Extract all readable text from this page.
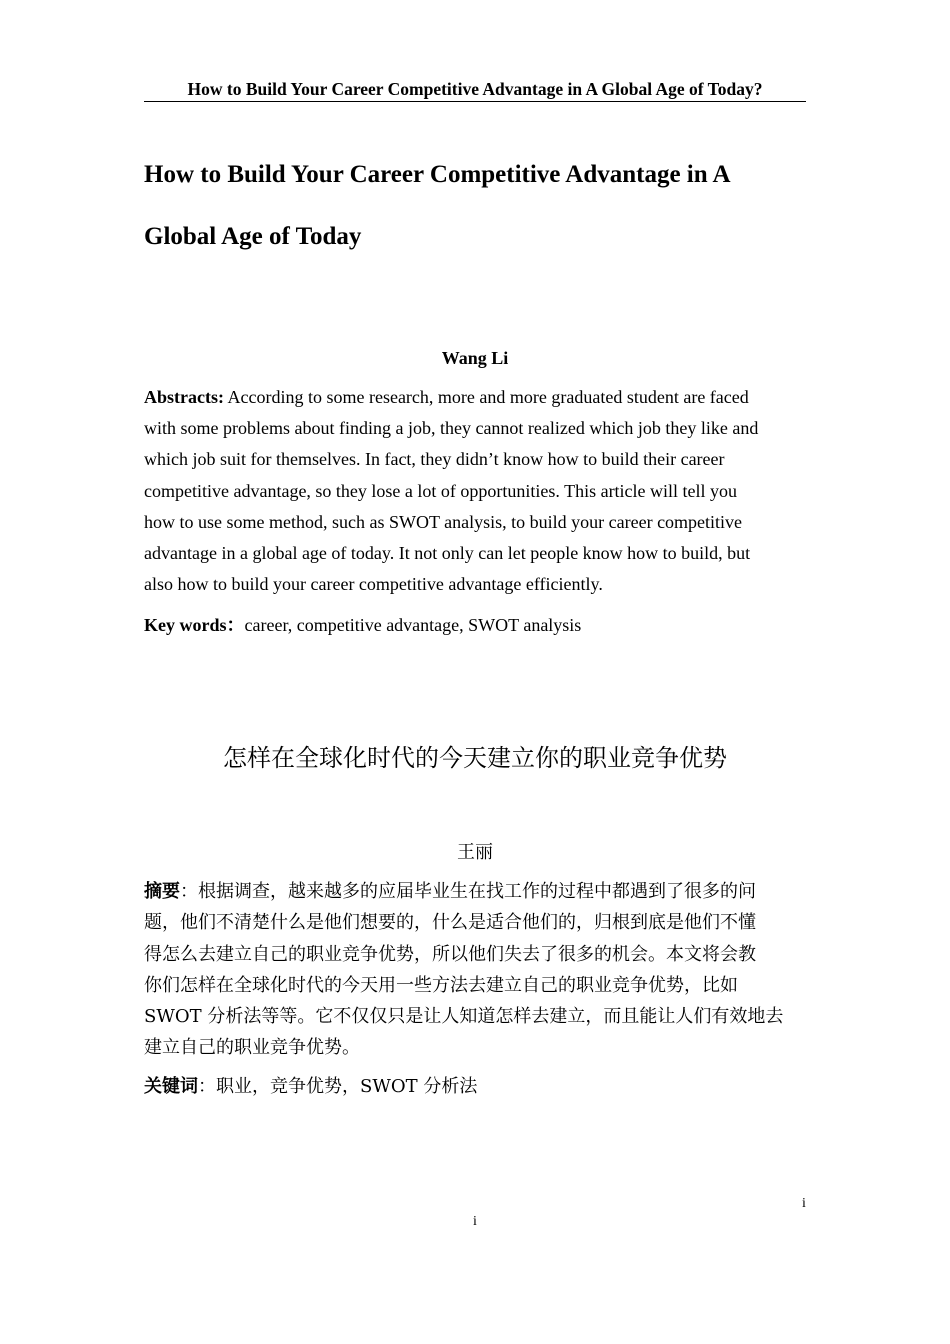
How to Build Your Career Competitive Advantage in A Global Age of Today?
How to Build Your Career Competitive Advantage in A
Global Age of Today
Wang Li

Abstracts: According to some research, more and more graduated student are faced
with some problems about finding a job, they cannot realized which job they like and
which job suit for themselves. In fact, they didn’t know how to build their career
competitive advantage, so they lose a lot of opportunities. This article will tell you
how to use some method, such as SWOT analysis, to build your career competitive
advantage in a global age of today. It not only can let people know how to build, but
also how to build your career competitive advantage efficiently.

Key words：career, competitive advantage, SWOT analysis

怎样在全球化时代的今天建立你的职业竞争优势
王丽

摘要：根据调查，越来越多的应届毕业生在找工作的过程中都遇到了很多的问
题，他们不清楚什么是他们想要的，什么是适合他们的，归根到底是他们不懂
得怎么去建立自己的职业竞争优势，所以他们失去了很多的机会。本文将会教
你们怎样在全球化时代的今天用一些方法去建立自己的职业竞争优势，比如
SWOT 分析法等等。它不仅仅只是让人知道怎样去建立，而且能让人们有效地去
建立自己的职业竞争优势。

关键词：职业，竞争优势，SWOT 分析法

i
i
